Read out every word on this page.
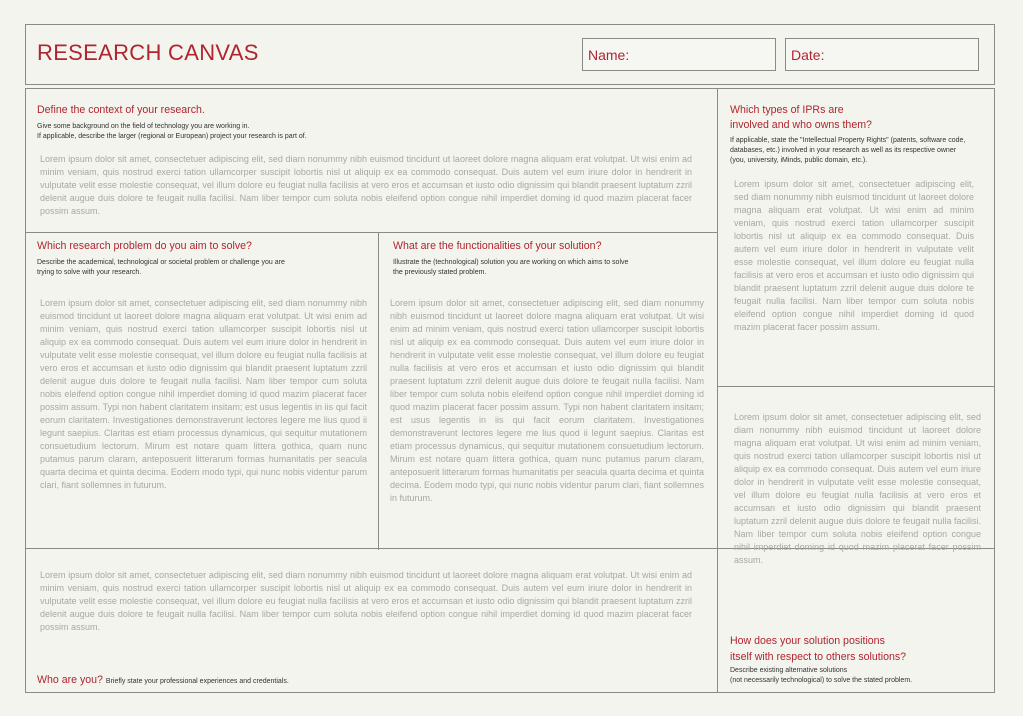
RESEARCH CANVAS	Name:	Date:
Define the context of your research.
Give some background on the field of technology you are working in.
If applicable, describe the larger (regional or European) project your research is part of.

Lorem ipsum dolor sit amet, consectetuer adipiscing elit, sed diam nonummy nibh euismod tincidunt ut laoreet dolore magna aliquam erat volutpat. Ut wisi enim ad minim veniam, quis nostrud exerci tation ullamcorper suscipit lobortis nisl ut aliquip ex ea commodo consequat. Duis autem vel eum iriure dolor in hendrerit in vulputate velit esse molestie consequat, vel illum dolore eu feugiat nulla facilisis at vero eros et accumsan et iusto odio dignissim qui blandit praesent luptatum zzril delenit augue duis dolore te feugait nulla facilisi. Nam liber tempor cum soluta nobis eleifend option congue nihil imperdiet doming id quod mazim placerat facer possim assum.

Which types of IPRs are
involved and who owns them?
If applicable, state the "Intellectual Property Rights" (patents, software code,
databases, etc.) involved in your research as well as its respective owner
(you, university, iMinds, public domain, etc.).

Lorem ipsum dolor sit amet, consectetuer adipiscing elit, sed diam nonummy nibh euismod tincidunt ut laoreet dolore magna aliquam erat volutpat. Ut wisi enim ad minim veniam, quis nostrud exerci tation ullamcorper suscipit lobortis nisl ut aliquip ex ea commodo consequat. Duis autem vel eum iriure dolor in hendrerit in vulputate velit esse molestie consequat, vel illum dolore eu feugiat nulla facilisis at vero eros et accumsan et iusto odio dignissim qui blandit praesent luptatum zzril delenit augue duis dolore te feugait nulla facilisi. Nam liber tempor cum soluta nobis eleifend option congue nihil imperdiet doming id quod mazim placerat facer possim assum.

Which research problem do you aim to solve?
Describe the academical, technological or societal problem or challenge you are
trying to solve with your research.

Lorem ipsum dolor sit amet, consectetuer adipiscing elit, sed diam nonummy nibh euismod tincidunt ut laoreet dolore magna aliquam erat volutpat. Ut wisi enim ad minim veniam, quis nostrud exerci tation ullamcorper suscipit lobortis nisl ut aliquip ex ea commodo consequat. Duis autem vel eum iriure dolor in hendrerit in vulputate velit esse molestie consequat, vel illum dolore eu feugiat nulla facilisis at vero eros et accumsan et iusto odio dignissim qui blandit praesent luptatum zzril delenit augue duis dolore te feugait nulla facilisi. Nam liber tempor cum soluta nobis eleifend option congue nihil imperdiet doming id quod mazim placerat facer possim assum. Typi non habent claritatem insitam; est usus legentis in iis qui facit eorum claritatem. Investigationes demonstraverunt lectores legere me lius quod ii legunt saepius. Claritas est etiam processus dynamicus, qui sequitur mutationem consuetudium lectorum. Mirum est notare quam littera gothica, quam nunc putamus parum claram, anteposuerit litterarum formas humanitatis per seacula quarta decima et quinta decima. Eodem modo typi, qui nunc nobis videntur parum clari, fiant sollemnes in futurum.

What are the functionalities of your solution?
Illustrate the (technological) solution you are working on which aims to solve
the previously stated problem.

Lorem ipsum dolor sit amet, consectetuer adipiscing elit, sed diam nonummy nibh euismod tincidunt ut laoreet dolore magna aliquam erat volutpat. Ut wisi enim ad minim veniam, quis nostrud exerci tation ullamcorper suscipit lobortis nisl ut aliquip ex ea commodo consequat. Duis autem vel eum iriure dolor in hendrerit in vulputate velit esse molestie consequat, vel illum dolore eu feugiat nulla facilisis at vero eros et accumsan et iusto odio dignissim qui blandit praesent luptatum zzril delenit augue duis dolore te feugait nulla facilisi. Nam liber tempor cum soluta nobis eleifend option congue nihil imperdiet doming id quod mazim placerat facer possim assum. Typi non habent claritatem insitam; est usus legentis in iis qui facit eorum claritatem. Investigationes demonstraverunt lectores legere me lius quod ii legunt saepius. Claritas est etiam processus dynamicus, qui sequitur mutationem consuetudium lectorum. Mirum est notare quam littera gothica, quam nunc putamus parum claram, anteposuerit litterarum formas humanitatis per seacula quarta decima et quinta decima. Eodem modo typi, qui nunc nobis videntur parum clari, fiant sollemnes in futurum.

Lorem ipsum dolor sit amet, consectetuer adipiscing elit, sed diam nonummy nibh euismod tincidunt ut laoreet dolore magna aliquam erat volutpat. Ut wisi enim ad minim veniam, quis nostrud exerci tation ullamcorper suscipit lobortis nisl ut aliquip ex ea commodo consequat. Duis autem vel eum iriure dolor in hendrerit in vulputate velit esse molestie consequat, vel illum dolore eu feugiat nulla facilisis at vero eros et accumsan et iusto odio dignissim qui blandit praesent luptatum zzril delenit augue duis dolore te feugait nulla facilisi. Nam liber tempor cum soluta nobis eleifend option congue nihil imperdiet doming id quod mazim placerat facer possim assum.

How does your solution positions
itself with respect to others solutions?
Describe existing alternative solutions
(not necessarily technological) to solve the stated problem.

Lorem ipsum dolor sit amet, consectetuer adipiscing elit, sed diam nonummy nibh euismod tincidunt ut laoreet dolore magna aliquam erat volutpat. Ut wisi enim ad minim veniam, quis nostrud exerci tation ullamcorper suscipit lobortis nisl ut aliquip ex ea commodo consequat. Duis autem vel eum iriure dolor in hendrerit in vulputate velit esse molestie consequat, vel illum dolore eu feugiat nulla facilisis at vero eros et accumsan et iusto odio dignissim qui blandit praesent luptatum zzril delenit augue duis dolore te feugait nulla facilisi. Nam liber tempor cum soluta nobis eleifend option congue nihil imperdiet doming id quod mazim placerat facer possim assum.

Who are you? Briefly state your professional experiences and credentials.
